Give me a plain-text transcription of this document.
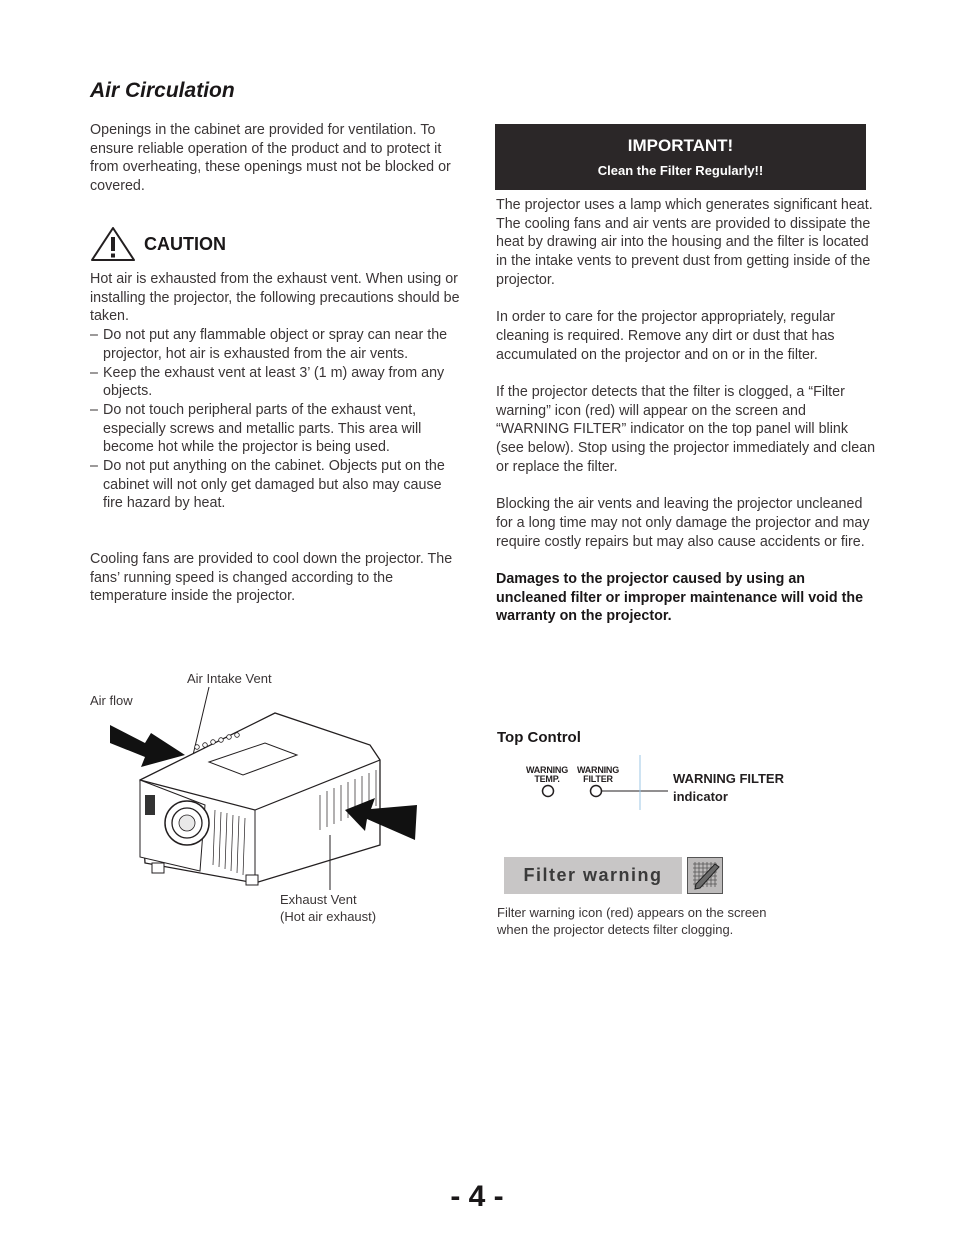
Air Circulation

Openings in the cabinet are provided for ventilation. To ensure reliable operation of the product and to protect it from overheating, these openings must not be blocked or covered.

CAUTION

Hot air is exhausted from the exhaust vent. When using or installing the projector, the following precautions should be taken.

– Do not put any flammable object or spray can near the projector, hot air is exhausted from the air vents.
– Keep the exhaust vent at least 3’ (1 m) away from any objects.
– Do not touch peripheral parts of the exhaust vent, especially screws and metallic parts. This area will become hot while the projector is being used.
– Do not put anything on the cabinet. Objects put on the cabinet will not only get damaged but also may cause fire hazard by heat.

Cooling fans are provided to cool down the projector. The fans’ running speed is changed according to the temperature inside the projector.

Air Intake Vent
Air flow
Exhaust Vent
(Hot air exhaust)
IMPORTANT!
Clean the Filter Regularly!!

The projector uses a lamp which generates significant heat. The cooling fans and air vents are provided to dissipate the heat by drawing air into the housing and the filter is located in the intake vents to prevent dust from getting inside of the projector.

In order to care for the projector appropriately, regular cleaning is required. Remove any dirt or dust that has accumulated on the projector and on or in the filter.

If the projector detects that the filter is clogged, a “Filter warning” icon (red) will appear on the screen and “WARNING FILTER” indicator on the top panel will blink (see below). Stop using the projector immediately and clean or replace the filter.

Blocking the air vents and leaving the projector uncleaned for a long time may not only damage the projector and may require costly repairs but may also cause accidents or fire.

Damages to the projector caused by using an uncleaned filter or improper maintenance will void the warranty on the projector.

Top Control
WARNING
TEMP.
WARNING
FILTER	WARNING FILTER
indicator
Filter warning
Filter warning icon (red) appears on the screen
when the projector detects filter clogging.
- 4 -
